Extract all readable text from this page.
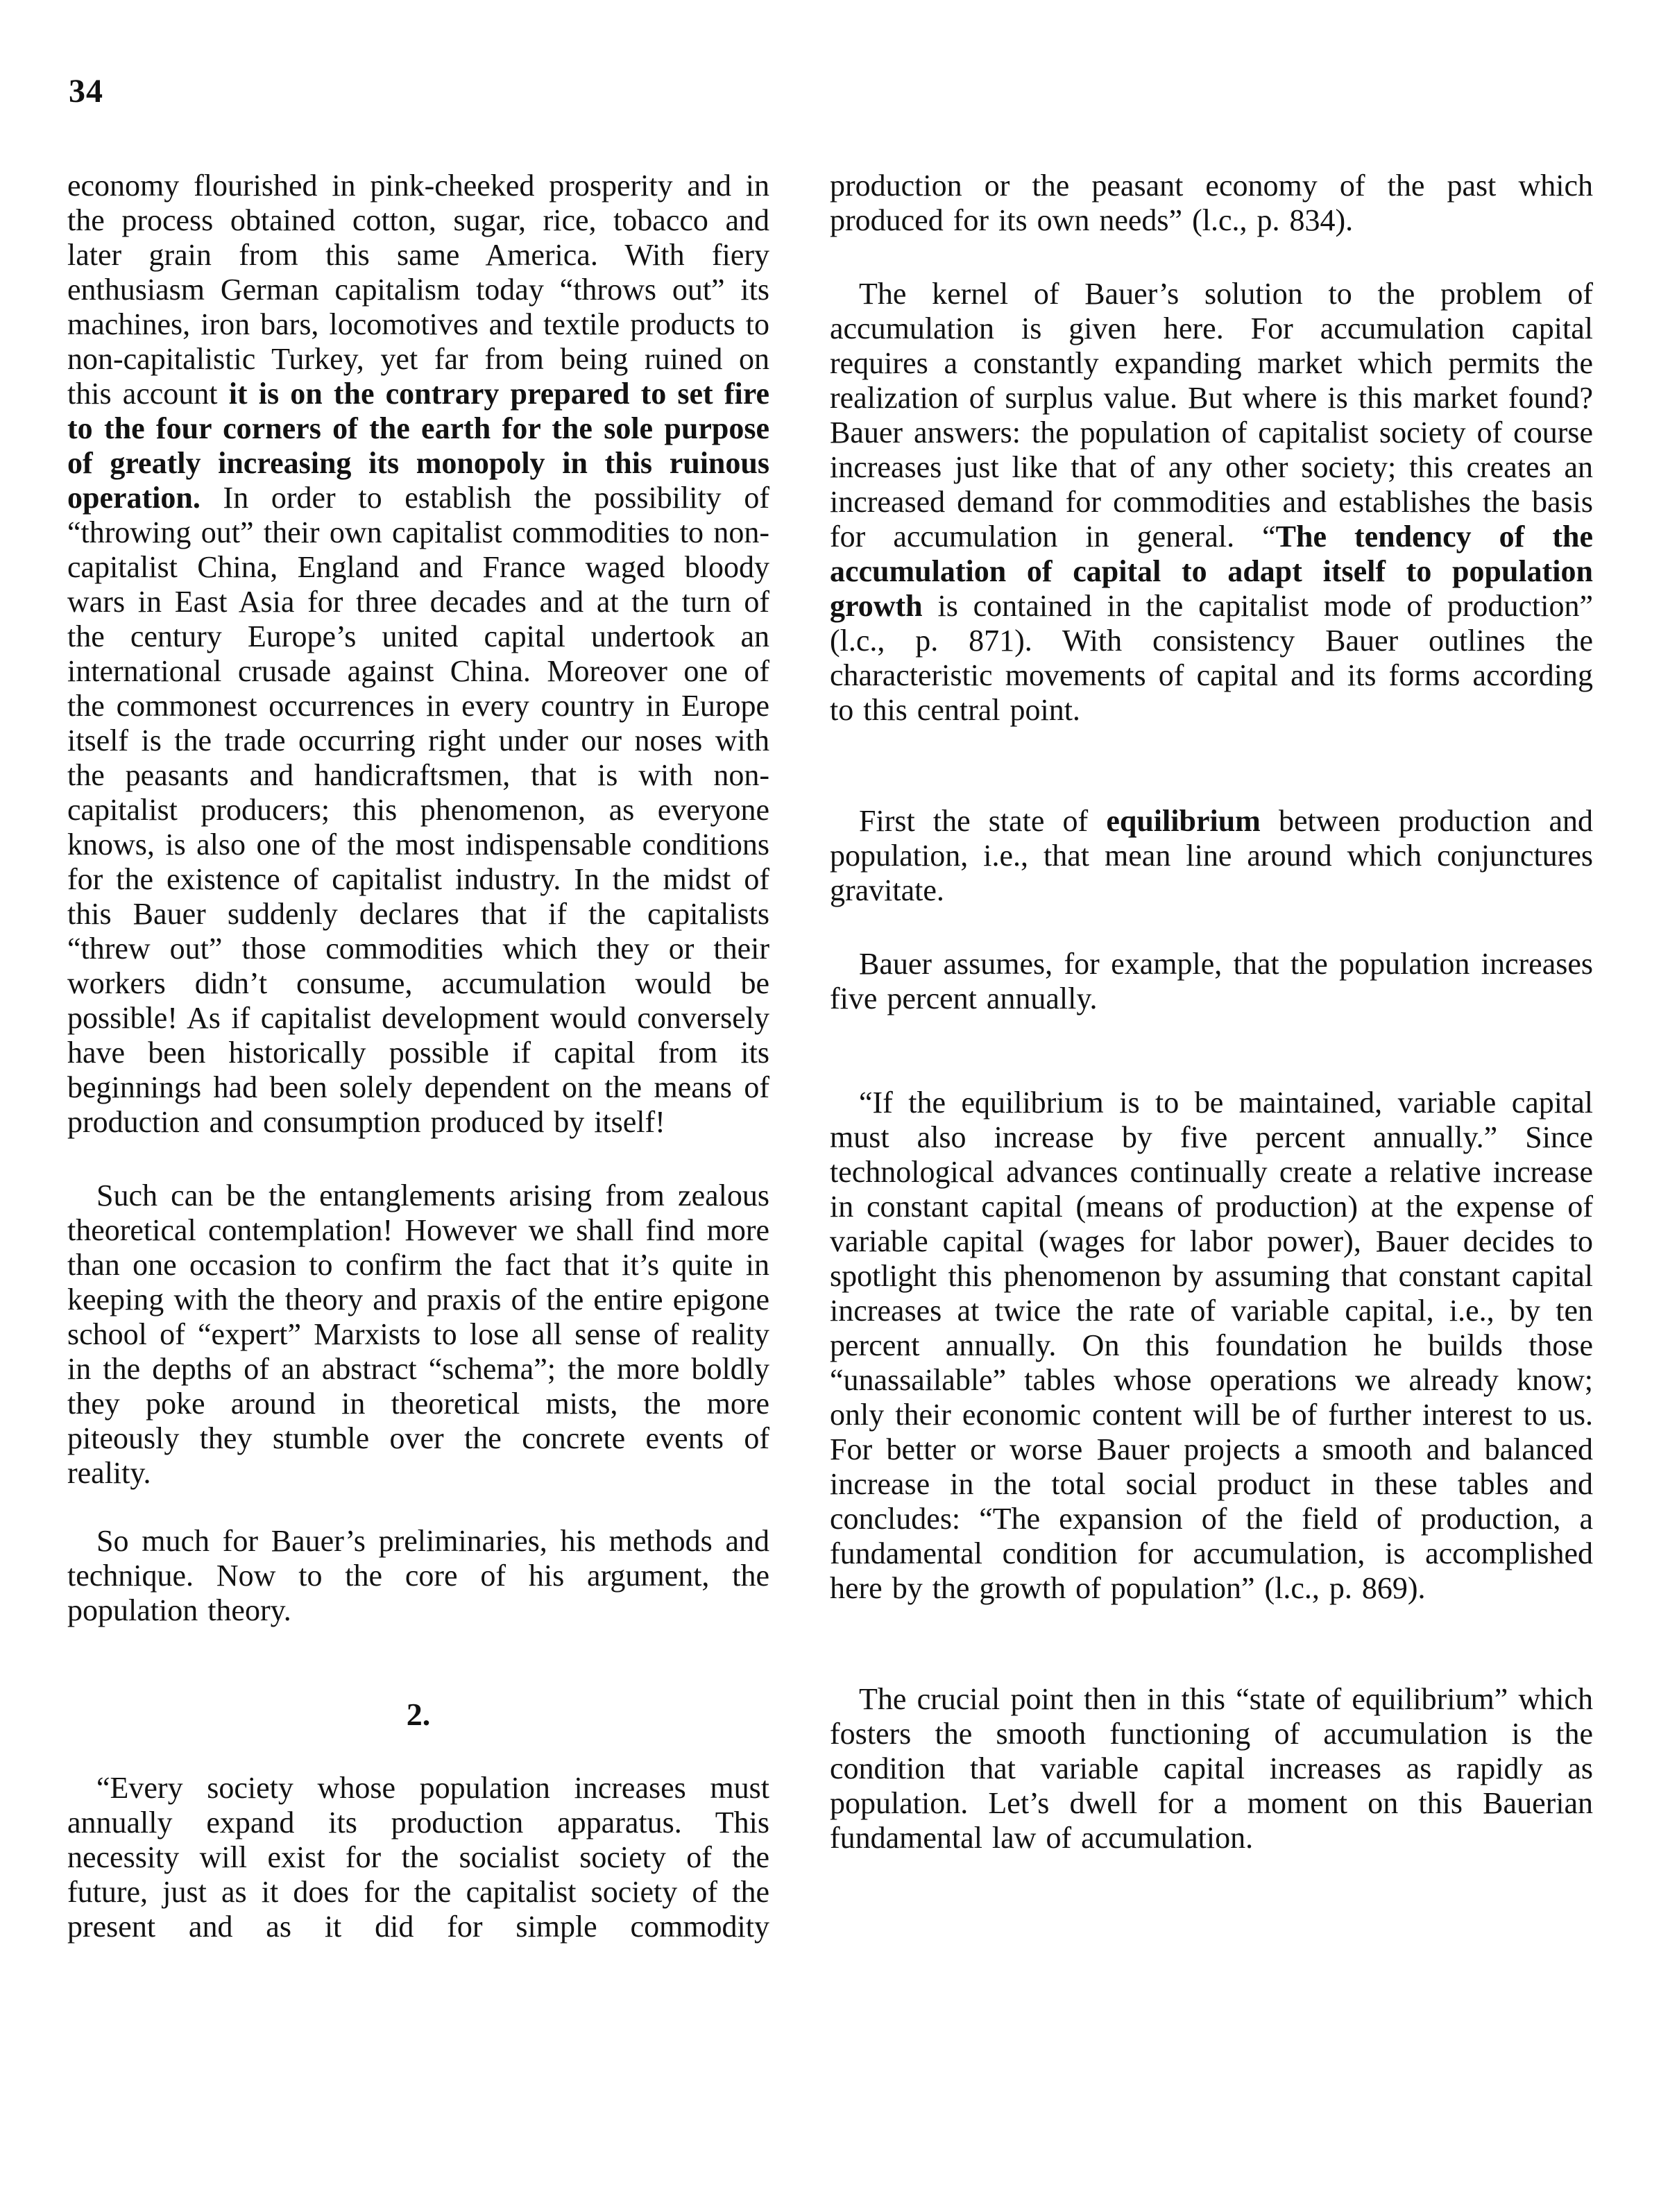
34

economy flourished in pink-cheeked prosperity and in the process obtained cotton, sugar, rice, tobacco and later grain from this same America. With fiery enthusiasm German capitalism today “throws out” its machines, iron bars, locomotives and textile products to non-capitalistic Turkey, yet far from being ruined on this account it is on the contrary prepared to set fire to the four corners of the earth for the sole purpose of greatly increasing its monopoly in this ruinous operation. In order to establish the possibility of “throwing out” their own capitalist commodities to non-capitalist China, England and France waged bloody wars in East Asia for three decades and at the turn of the century Europe’s united capital undertook an international crusade against China. Moreover one of the commonest occurrences in every country in Europe itself is the trade occurring right under our noses with the peasants and handicraftsmen, that is with non-capitalist producers; this phenomenon, as everyone knows, is also one of the most indispensable conditions for the existence of capitalist industry. In the midst of this Bauer suddenly declares that if the capitalists “threw out” those commodities which they or their workers didn’t consume, accumulation would be possible! As if capitalist development would conversely have been historically possible if capital from its beginnings had been solely dependent on the means of production and consumption produced by itself!

Such can be the entanglements arising from zealous theoretical contemplation! However we shall find more than one occasion to confirm the fact that it’s quite in keeping with the theory and praxis of the entire epigone school of “expert” Marxists to lose all sense of reality in the depths of an abstract “schema”; the more boldly they poke around in theoretical mists, the more piteously they stumble over the concrete events of reality.

So much for Bauer’s preliminaries, his methods and technique. Now to the core of his argument, the population theory.

2.

“Every society whose population increases must annually expand its production apparatus. This necessity will exist for the socialist society of the future, just as it does for the capitalist society of the present and as it did for simple commodity

production or the peasant economy of the past which produced for its own needs” (l.c., p. 834).

The kernel of Bauer’s solution to the problem of accumulation is given here. For accumulation capital requires a constantly expanding market which permits the realization of surplus value. But where is this market found? Bauer answers: the population of capitalist society of course increases just like that of any other society; this creates an increased demand for commodities and establishes the basis for accumulation in general. “The tendency of the accumulation of capital to adapt itself to population growth is contained in the capitalist mode of production” (l.c., p. 871). With consistency Bauer outlines the characteristic movements of capital and its forms according to this central point.

First the state of equilibrium between production and population, i.e., that mean line around which conjunctures gravitate.

Bauer assumes, for example, that the population increases five percent annually.

“If the equilibrium is to be maintained, variable capital must also increase by five percent annually.” Since technological advances continually create a relative increase in constant capital (means of production) at the expense of variable capital (wages for labor power), Bauer decides to spotlight this phenomenon by assuming that constant capital increases at twice the rate of variable capital, i.e., by ten percent annually. On this foundation he builds those “unassailable” tables whose operations we already know; only their economic content will be of further interest to us. For better or worse Bauer projects a smooth and balanced increase in the total social product in these tables and concludes: “The expansion of the field of production, a fundamental condition for accumulation, is accomplished here by the growth of population” (l.c., p. 869).

The crucial point then in this “state of equilibrium” which fosters the smooth functioning of accumulation is the condition that variable capital increases as rapidly as population. Let’s dwell for a moment on this Bauerian fundamental law of accumulation.
